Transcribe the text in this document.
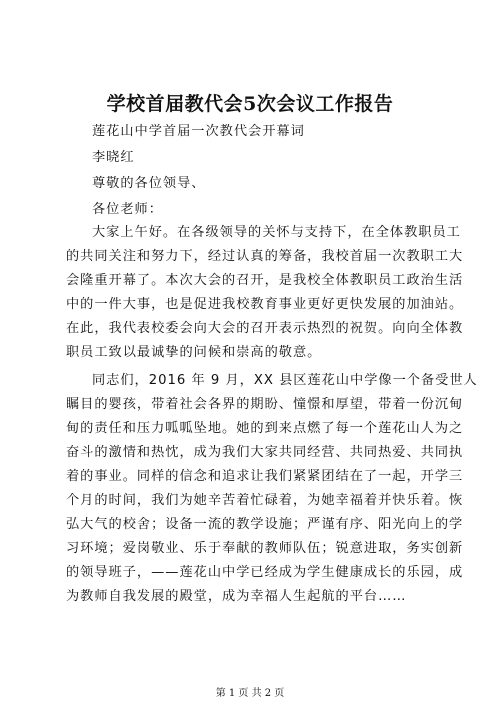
学校首届教代会5次会议工作报告
莲花山中学首届一次教代会开幕词
李晓红
尊敬的各位领导、
各位老师：
大家上午好。在各级领导的关怀与支持下，在全体教职员工
的共同关注和努力下，经过认真的筹备，我校首届一次教职工大
会隆重开幕了。本次大会的召开，是我校全体教职员工政治生活
中的一件大事，也是促进我校教育事业更好更快发展的加油站。
在此，我代表校委会向大会的召开表示热烈的祝贺。向向全体教
职员工致以最诚挚的问候和崇高的敬意。
同志们，2016 年 9 月，XX 县区莲花山中学像一个备受世人
瞩目的婴孩，带着社会各界的期盼、憧憬和厚望，带着一份沉甸
甸的责任和压力呱呱坠地。她的到来点燃了每一个莲花山人为之
奋斗的激情和热忱，成为我们大家共同经营、共同热爱、共同执
着的事业。同样的信念和追求让我们紧紧团结在了一起，开学三
个月的时间，我们为她辛苦着忙碌着，为她幸福着并快乐着。恢
弘大气的校舍；设备一流的教学设施；严谨有序、阳光向上的学
习环境；爱岗敬业、乐于奉献的教师队伍；锐意进取，务实创新
的领导班子，——莲花山中学已经成为学生健康成长的乐园，成
为教师自我发展的殿堂，成为幸福人生起航的平台……
第 1 页 共 2 页
